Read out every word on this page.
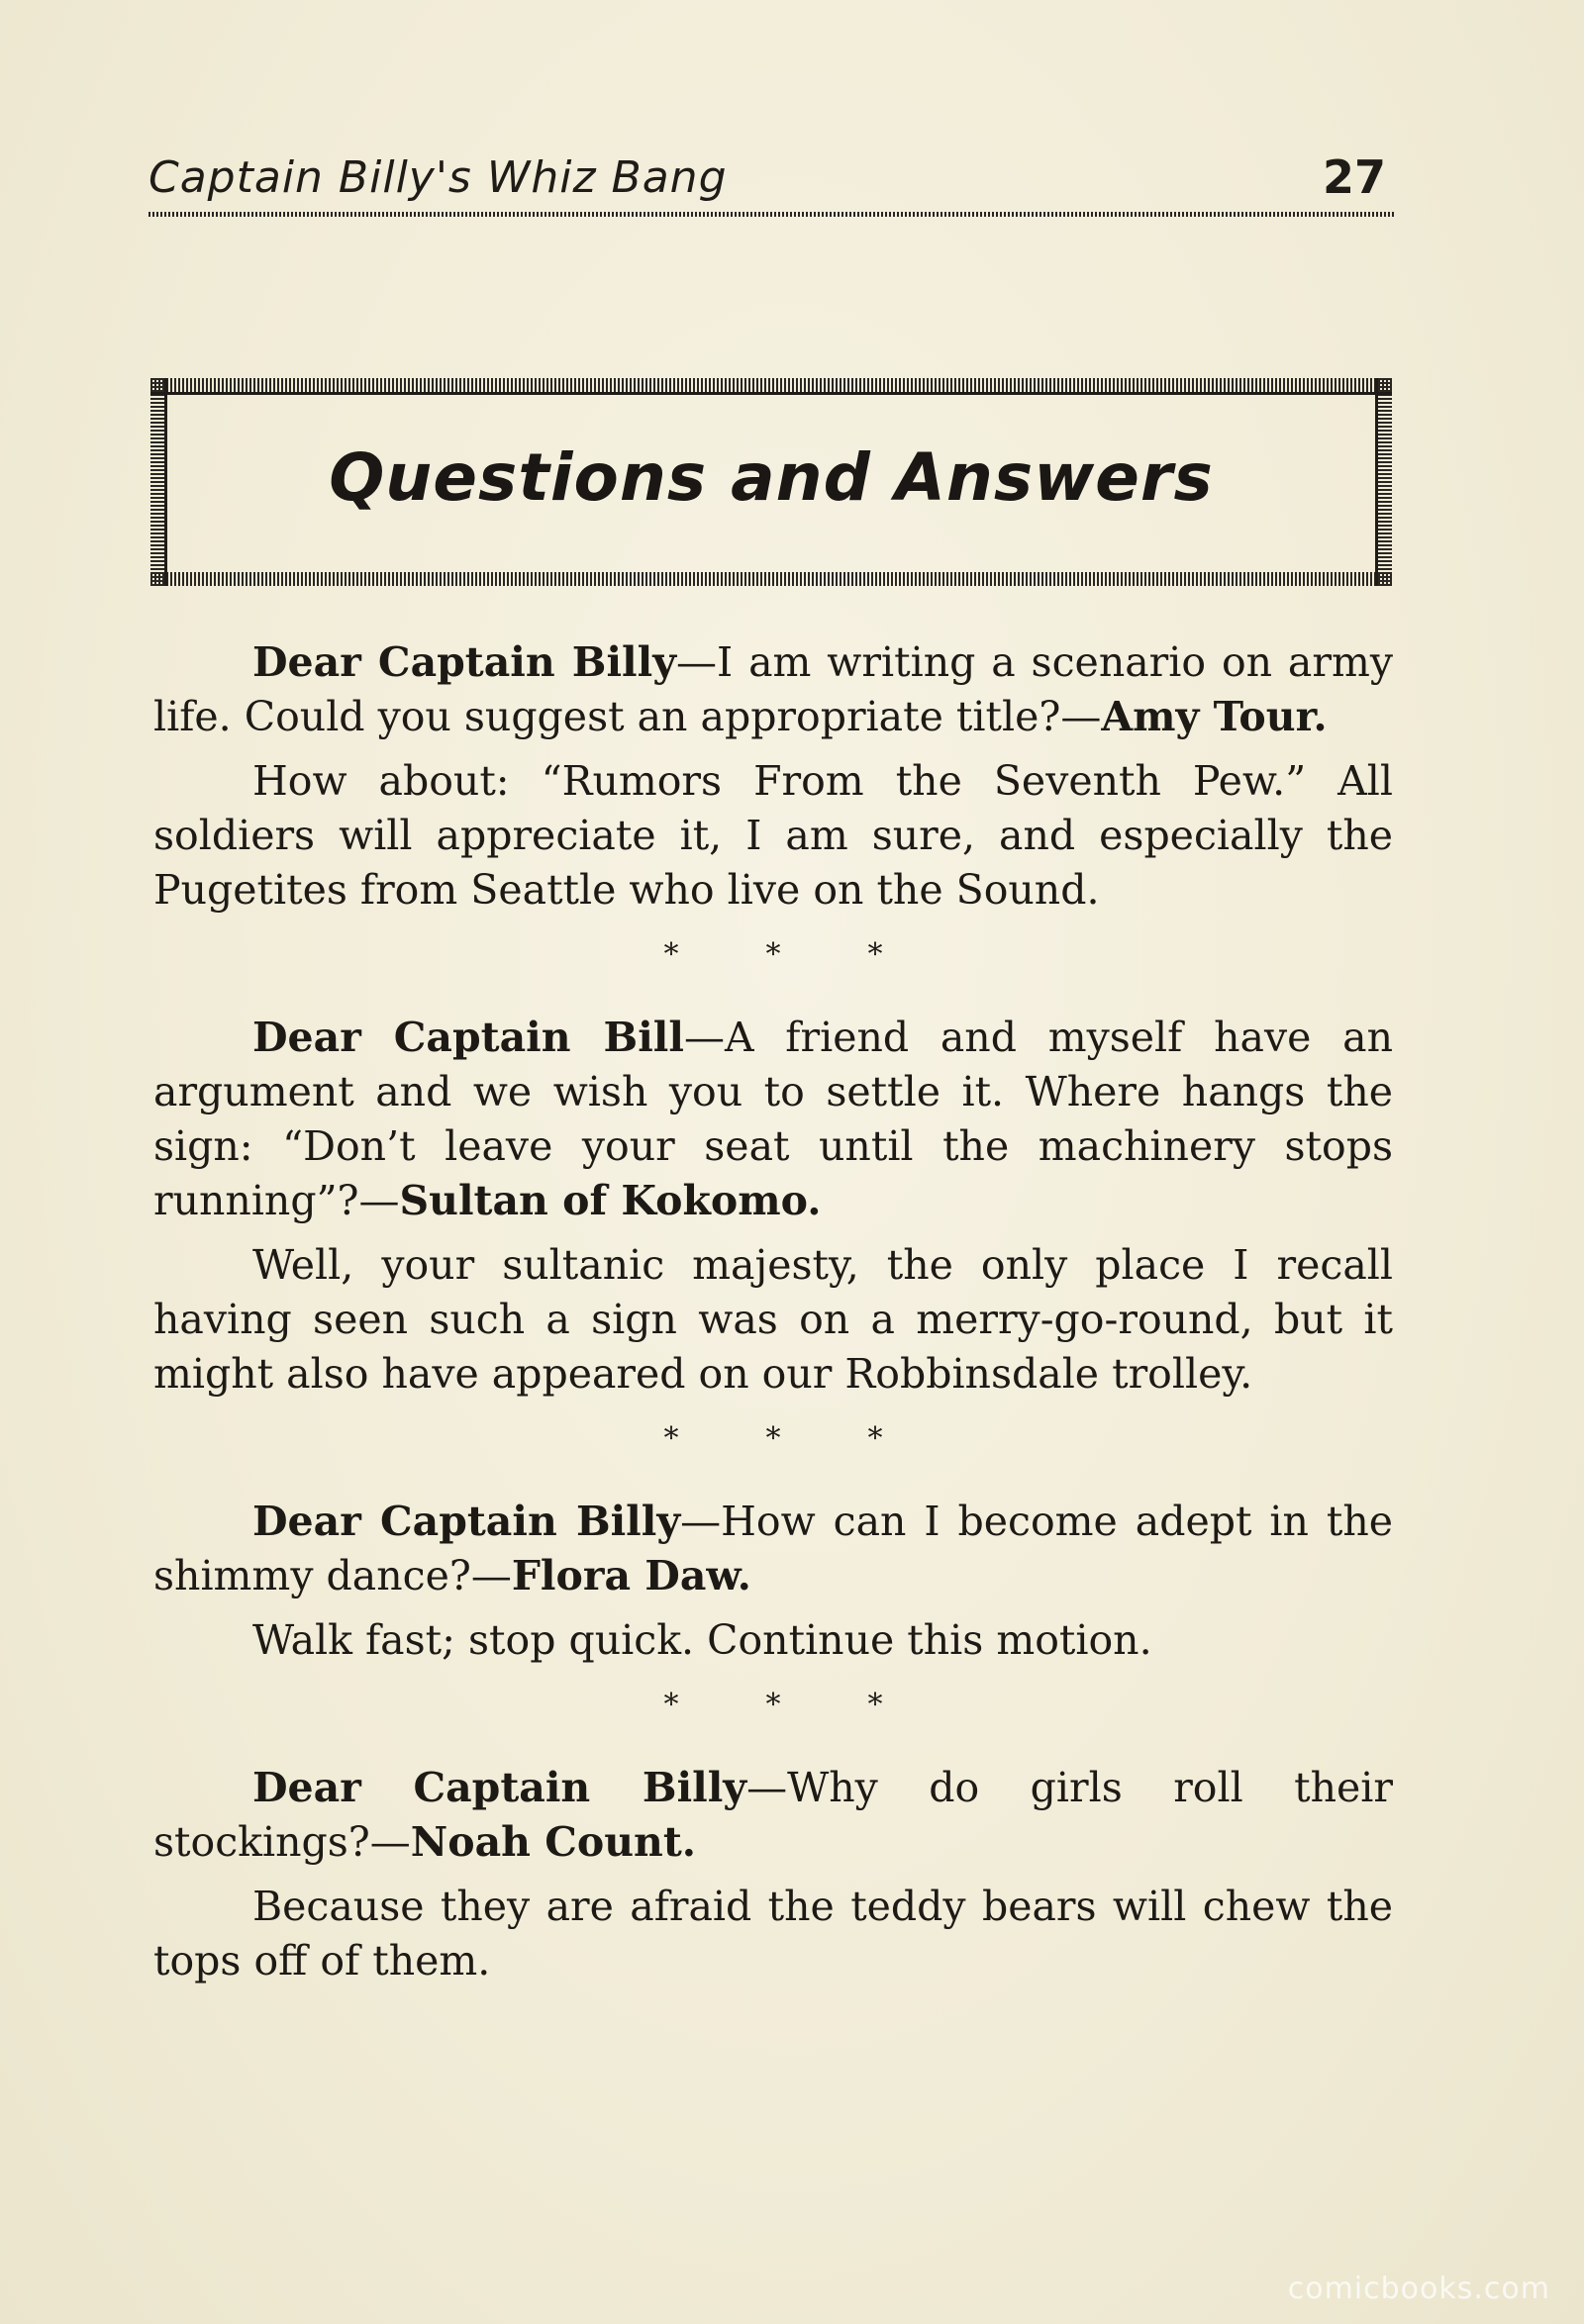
Captain Billy's Whiz Bang	27
Questions and Answers

Dear Captain Billy—I am writing a scenario on army life. Could you suggest an appropriate title?—Amy Tour.

How about: “Rumors From the Seventh Pew.” All soldiers will appreciate it, I am sure, and especially the Pugetites from Seattle who live on the Sound.

*	*	*

Dear Captain Bill—A friend and myself have an argument and we wish you to settle it. Where hangs the sign: “Don’t leave your seat until the machinery stops running”?—Sultan of Kokomo.

Well, your sultanic majesty, the only place I recall having seen such a sign was on a merry-go-round, but it might also have appeared on our Robbinsdale trolley.

*	*	*

Dear Captain Billy—How can I become adept in the shimmy dance?—Flora Daw.

Walk fast; stop quick. Continue this motion.

*	*	*

Dear Captain Billy—Why do girls roll their stockings?—Noah Count.

Because they are afraid the teddy bears will chew the tops off of them.

comicbooks.com
